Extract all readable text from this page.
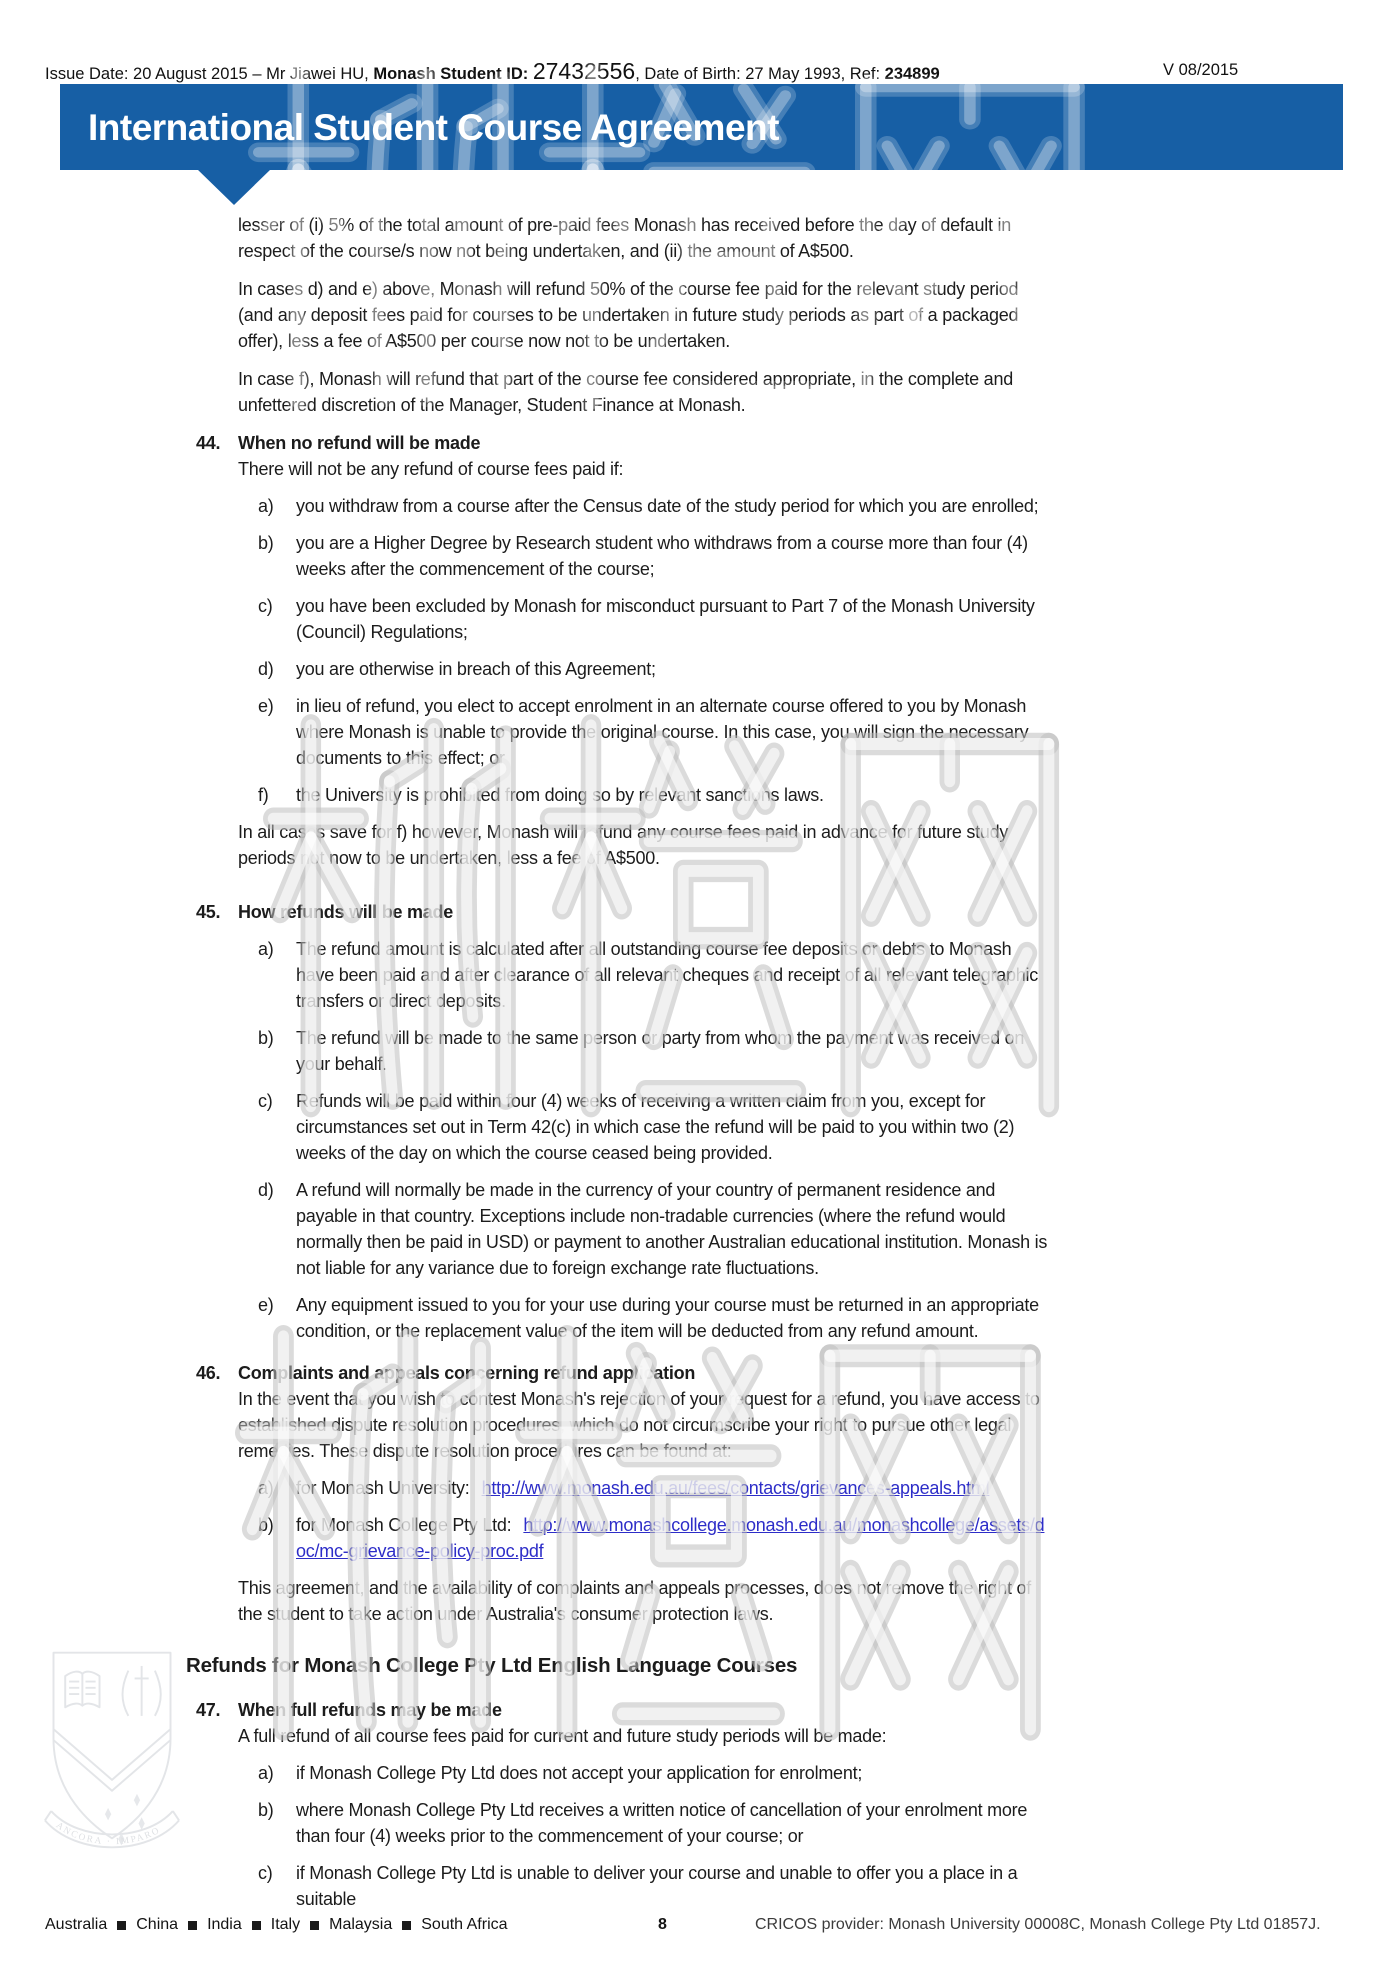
Issue Date: 20 August 2015 – Mr Jiawei HU, Monash Student ID: 27432556, Date of Birth: 27 May 1993, Ref: 234899	V 08/2015
International Student Course Agreement
lesser of (i) 5% of the total amount of pre-paid fees Monash has received before the day of default in respect of the course/s now not being undertaken, and (ii) the amount of A$500.
In cases d) and e) above, Monash will refund 50% of the course fee paid for the relevant study period (and any deposit fees paid for courses to be undertaken in future study periods as part of a packaged offer), less a fee of A$500 per course now not to be undertaken.
In case f), Monash will refund that part of the course fee considered appropriate, in the complete and unfettered discretion of the Manager, Student Finance at Monash.
44. When no refund will be made
There will not be any refund of course fees paid if:
a)	you withdraw from a course after the Census date of the study period for which you are enrolled;
b)	you are a Higher Degree by Research student who withdraws from a course more than four (4) weeks after the commencement of the course;
c)	you have been excluded by Monash for misconduct pursuant to Part 7 of the Monash University (Council) Regulations;
d)	you are otherwise in breach of this Agreement;
e)	in lieu of refund, you elect to accept enrolment in an alternate course offered to you by Monash where Monash is unable to provide the original course. In this case, you will sign the necessary documents to this effect; or
f)	the University is prohibited from doing so by relevant sanctions laws.
In all cases save for f) however, Monash will refund any course fees paid in advance for future study periods not now to be undertaken, less a fee of A$500.
45. How refunds will be made
a)	The refund amount is calculated after all outstanding course fee deposits or debts to Monash have been paid and after clearance of all relevant cheques and receipt of all relevant telegraphic transfers or direct deposits.
b)	The refund will be made to the same person or party from whom the payment was received on your behalf.
c)	Refunds will be paid within four (4) weeks of receiving a written claim from you, except for circumstances set out in Term 42(c) in which case the refund will be paid to you within two (2) weeks of the day on which the course ceased being provided.
d)	A refund will normally be made in the currency of your country of permanent residence and payable in that country. Exceptions include non-tradable currencies (where the refund would normally then be paid in USD) or payment to another Australian educational institution. Monash is not liable for any variance due to foreign exchange rate fluctuations.
e)	Any equipment issued to you for your use during your course must be returned in an appropriate condition, or the replacement value of the item will be deducted from any refund amount.
46. Complaints and appeals concerning refund application
In the event that you wish to contest Monash's rejection of your request for a refund, you have access to established dispute resolution procedures, which do not circumscribe your right to pursue other legal remedies. These dispute resolution procedures can be found at:
a)	for Monash University: http://www.monash.edu.au/fees/contacts/grievances-appeals.html
b)	for Monash College Pty Ltd: http://www.monashcollege.monash.edu.au/monashcollege/assets/doc/mc-grievance-policy-proc.pdf
This agreement, and the availability of complaints and appeals processes, does not remove the right of the student to take action under Australia's consumer protection laws.
Refunds for Monash College Pty Ltd English Language Courses
47. When full refunds may be made
A full refund of all course fees paid for current and future study periods will be made:
a)	if Monash College Pty Ltd does not accept your application for enrolment;
b)	where Monash College Pty Ltd receives a written notice of cancellation of your enrolment more than four (4) weeks prior to the commencement of your course; or
c)	if Monash College Pty Ltd is unable to deliver your course and unable to offer you a place in a suitable
ANCORA · IMPARO
Australia China India Italy Malaysia South Africa	8	CRICOS provider: Monash University 00008C, Monash College Pty Ltd 01857J.
